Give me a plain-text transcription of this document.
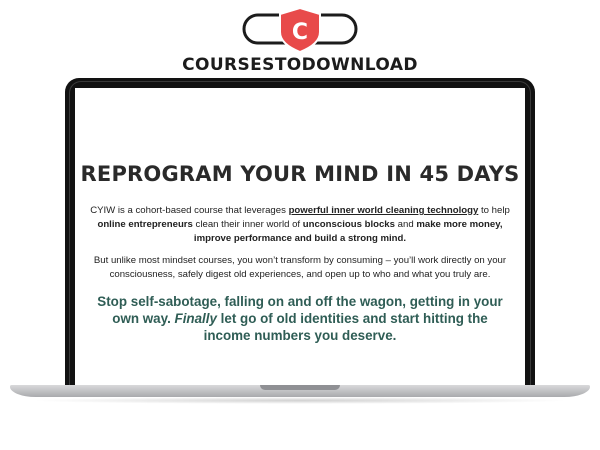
C
COURSESTODOWNLOAD
REPROGRAM YOUR MIND IN 45 DAYS
CYIW is a cohort-based course that leverages powerful inner world cleaning technology to help online entrepreneurs clean their inner world of unconscious blocks and make more money, improve performance and build a strong mind.
But unlike most mindset courses, you won’t transform by consuming – you’ll work directly on your consciousness, safely digest old experiences, and open up to who and what you truly are.
Stop self-sabotage, falling on and off the wagon, getting in your own way. Finally let go of old identities and start hitting the income numbers you deserve.
